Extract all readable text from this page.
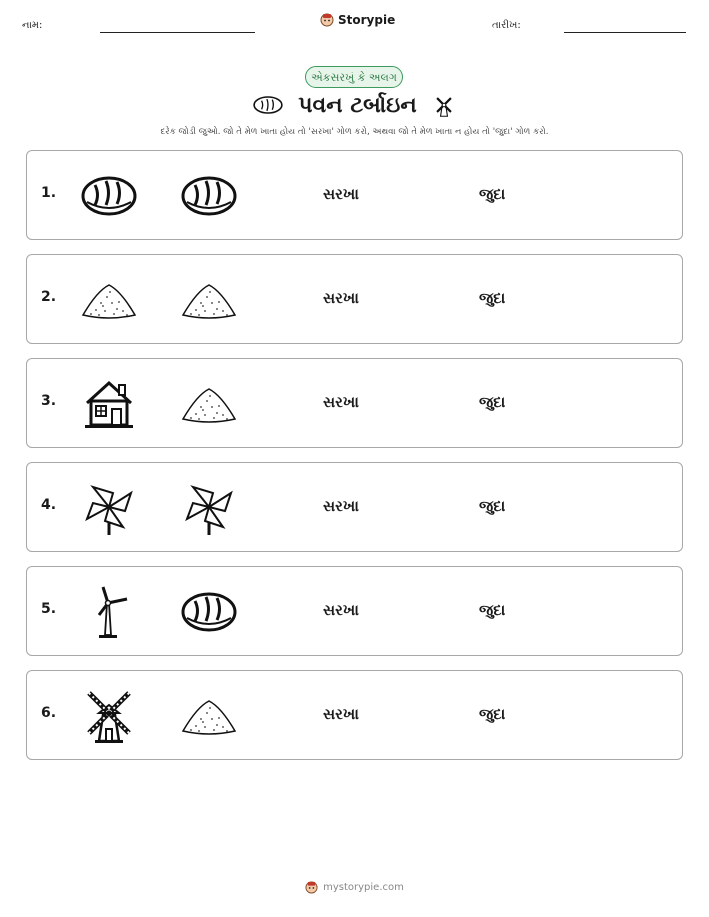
નામ:	Storypie	તારીખ:
એકસરખું કે અલગ
પવન ટર્બાઇન
દરેક જોડી જુઓ. જો તે મેળ ખાતા હોય તો 'સરખા' ગોળ કરો, અથવા જો તે મેળ ખાતા ન હોય તો 'જુદા' ગોળ કરો.
1.	સરખા	જુદા
2.	સરખા	જુદા
3.	સરખા	જુદા
4.	સરખા	જુદા
5.	સરખા	જુદા
6.	સરખા	જુદા
mystorypie.com
